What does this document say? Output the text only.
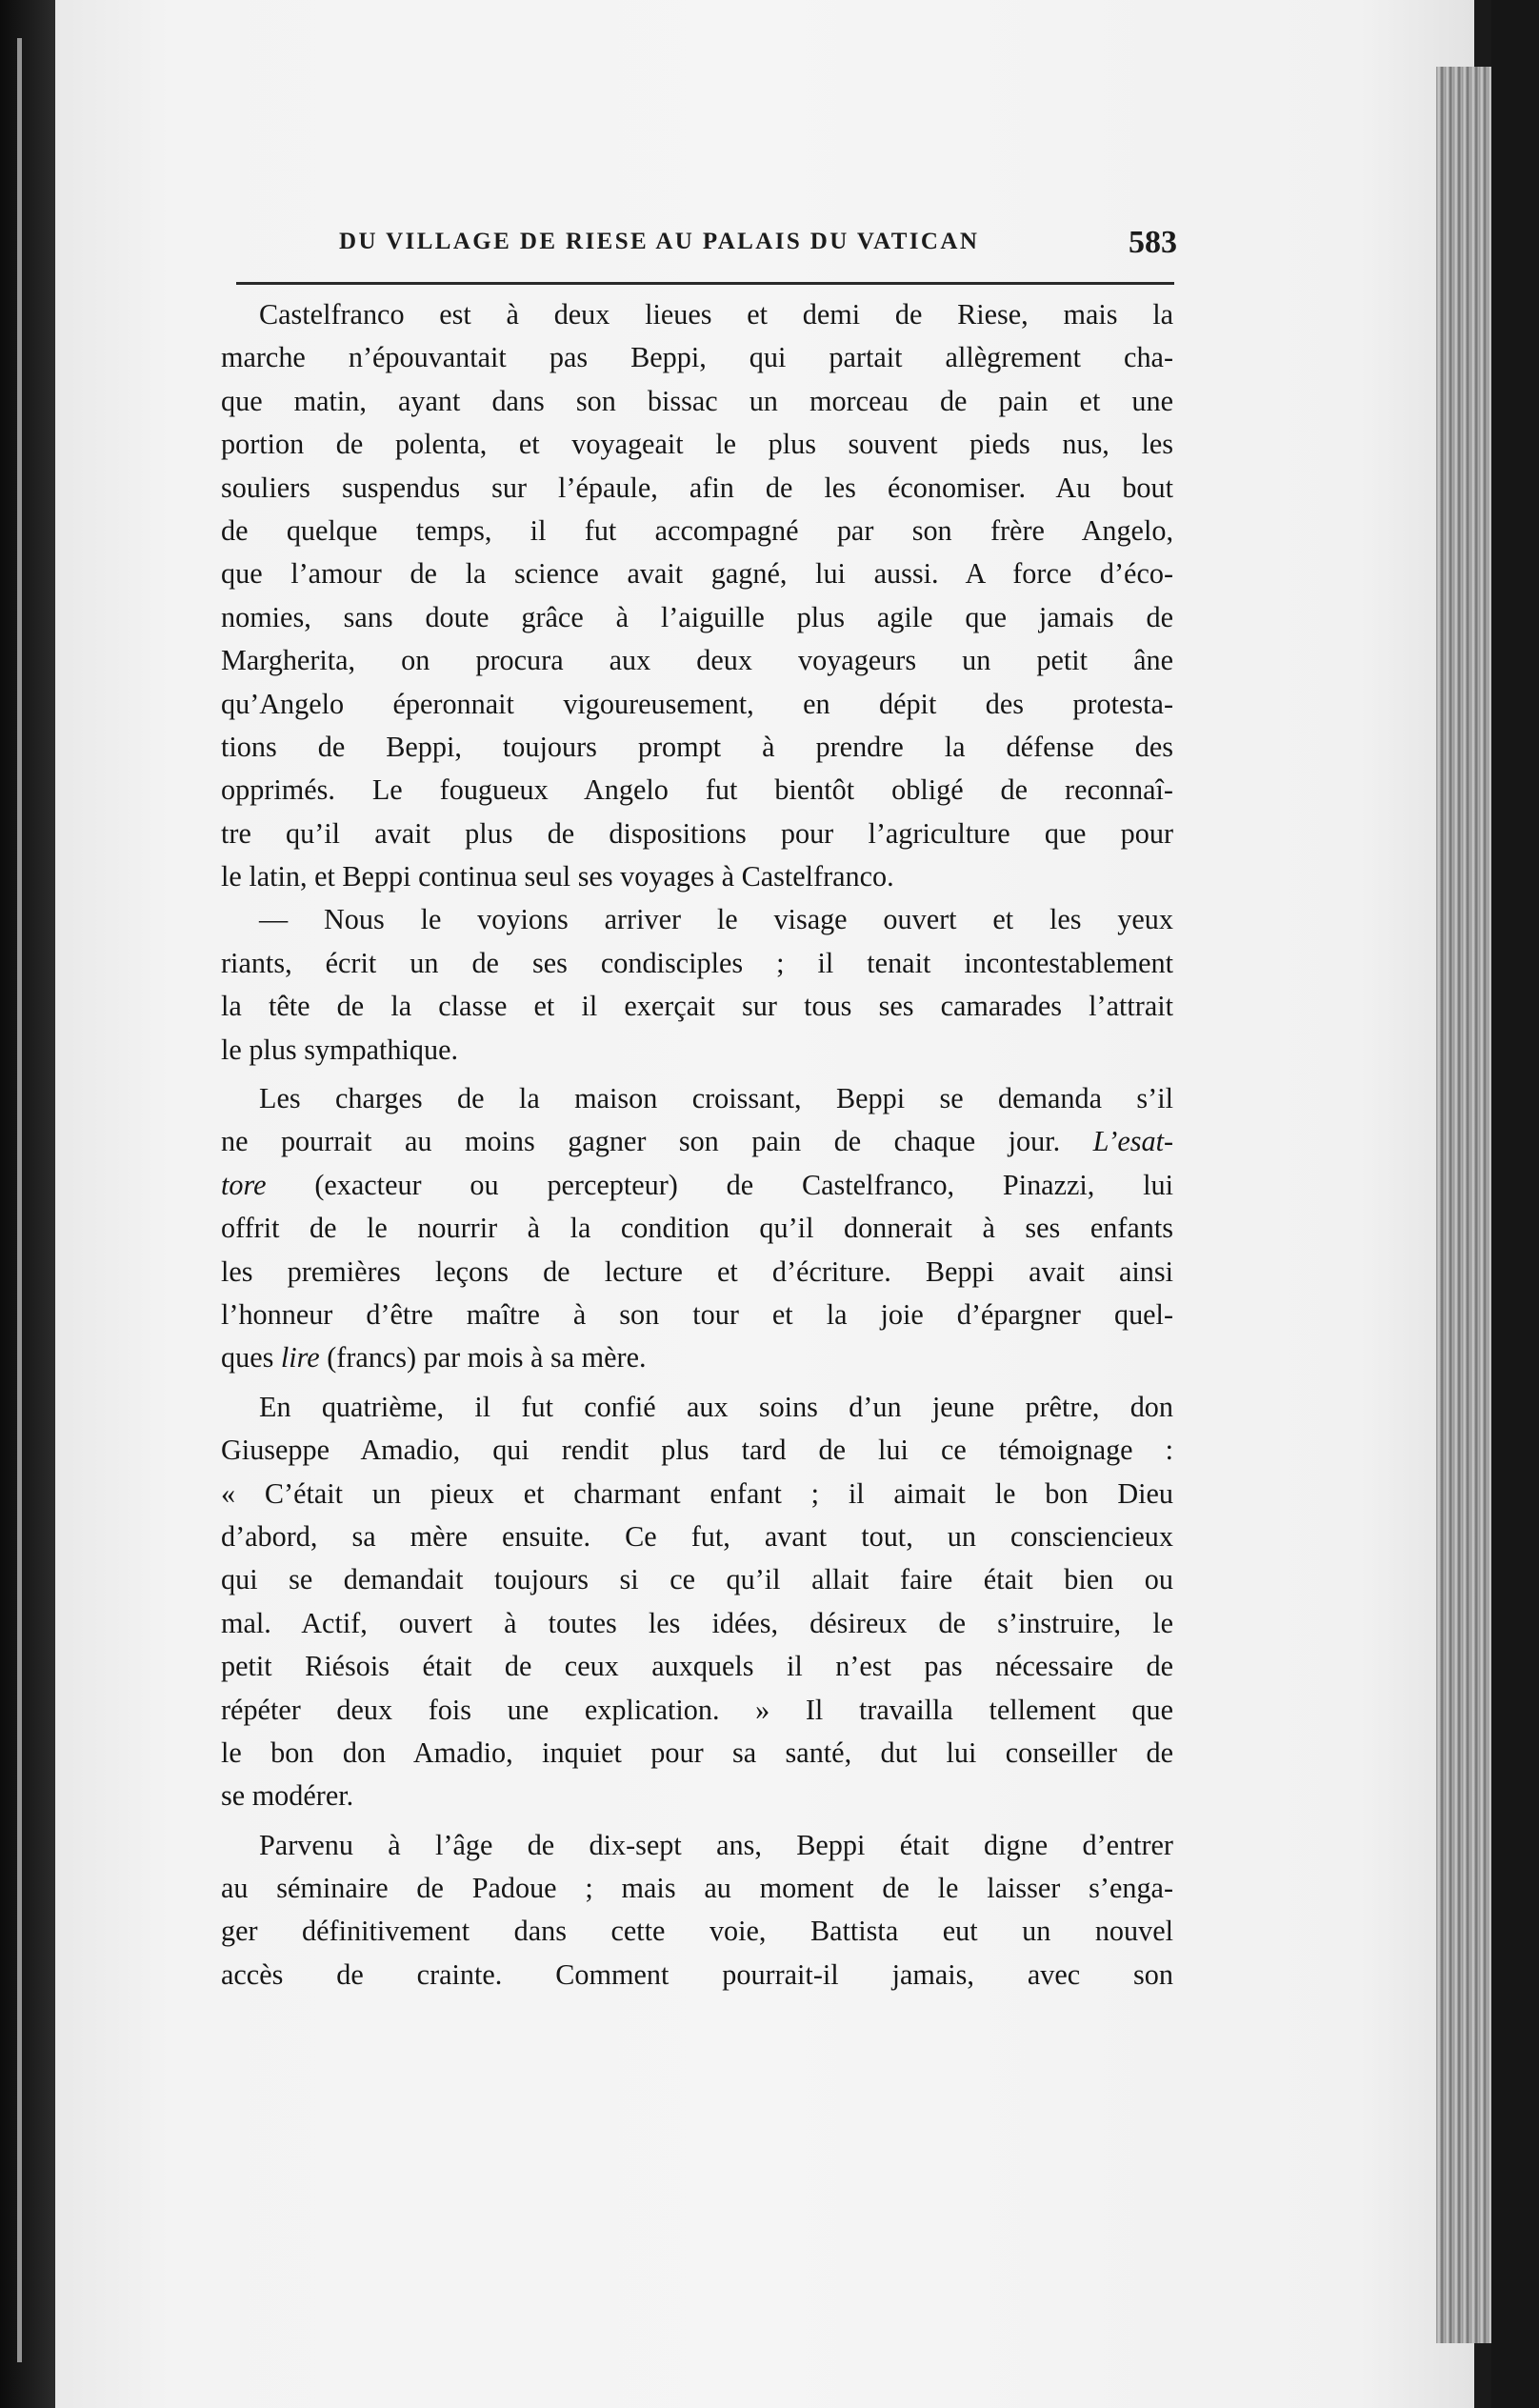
DU VILLAGE DE RIESE AU PALAIS DU VATICAN	583
Castelfranco est à deux lieues et demi de Riese, mais la
marche n’épouvantait pas Beppi, qui partait allègrement cha-
que matin, ayant dans son bissac un morceau de pain et une
portion de polenta, et voyageait le plus souvent pieds nus, les
souliers suspendus sur l’épaule, afin de les économiser. Au bout
de quelque temps, il fut accompagné par son frère Angelo,
que l’amour de la science avait gagné, lui aussi. A force d’éco-
nomies, sans doute grâce à l’aiguille plus agile que jamais de
Margherita, on procura aux deux voyageurs un petit âne
qu’Angelo éperonnait vigoureusement, en dépit des protesta-
tions de Beppi, toujours prompt à prendre la défense des
opprimés. Le fougueux Angelo fut bientôt obligé de reconnaî-
tre qu’il avait plus de dispositions pour l’agriculture que pour
le latin, et Beppi continua seul ses voyages à Castelfranco.
— Nous le voyions arriver le visage ouvert et les yeux
riants, écrit un de ses condisciples ; il tenait incontestablement
la tête de la classe et il exerçait sur tous ses camarades l’attrait
le plus sympathique.
Les charges de la maison croissant, Beppi se demanda s’il
ne pourrait au moins gagner son pain de chaque jour. L’esat-
tore (exacteur ou percepteur) de Castelfranco, Pinazzi, lui
offrit de le nourrir à la condition qu’il donnerait à ses enfants
les premières leçons de lecture et d’écriture. Beppi avait ainsi
l’honneur d’être maître à son tour et la joie d’épargner quel-
ques lire (francs) par mois à sa mère.
En quatrième, il fut confié aux soins d’un jeune prêtre, don
Giuseppe Amadio, qui rendit plus tard de lui ce témoignage :
« C’était un pieux et charmant enfant ; il aimait le bon Dieu
d’abord, sa mère ensuite. Ce fut, avant tout, un consciencieux
qui se demandait toujours si ce qu’il allait faire était bien ou
mal. Actif, ouvert à toutes les idées, désireux de s’instruire, le
petit Riésois était de ceux auxquels il n’est pas nécessaire de
répéter deux fois une explication. » Il travailla tellement que
le bon don Amadio, inquiet pour sa santé, dut lui conseiller de
se modérer.
Parvenu à l’âge de dix-sept ans, Beppi était digne d’entrer
au séminaire de Padoue ; mais au moment de le laisser s’enga-
ger définitivement dans cette voie, Battista eut un nouvel
accès de crainte. Comment pourrait-il jamais, avec son
